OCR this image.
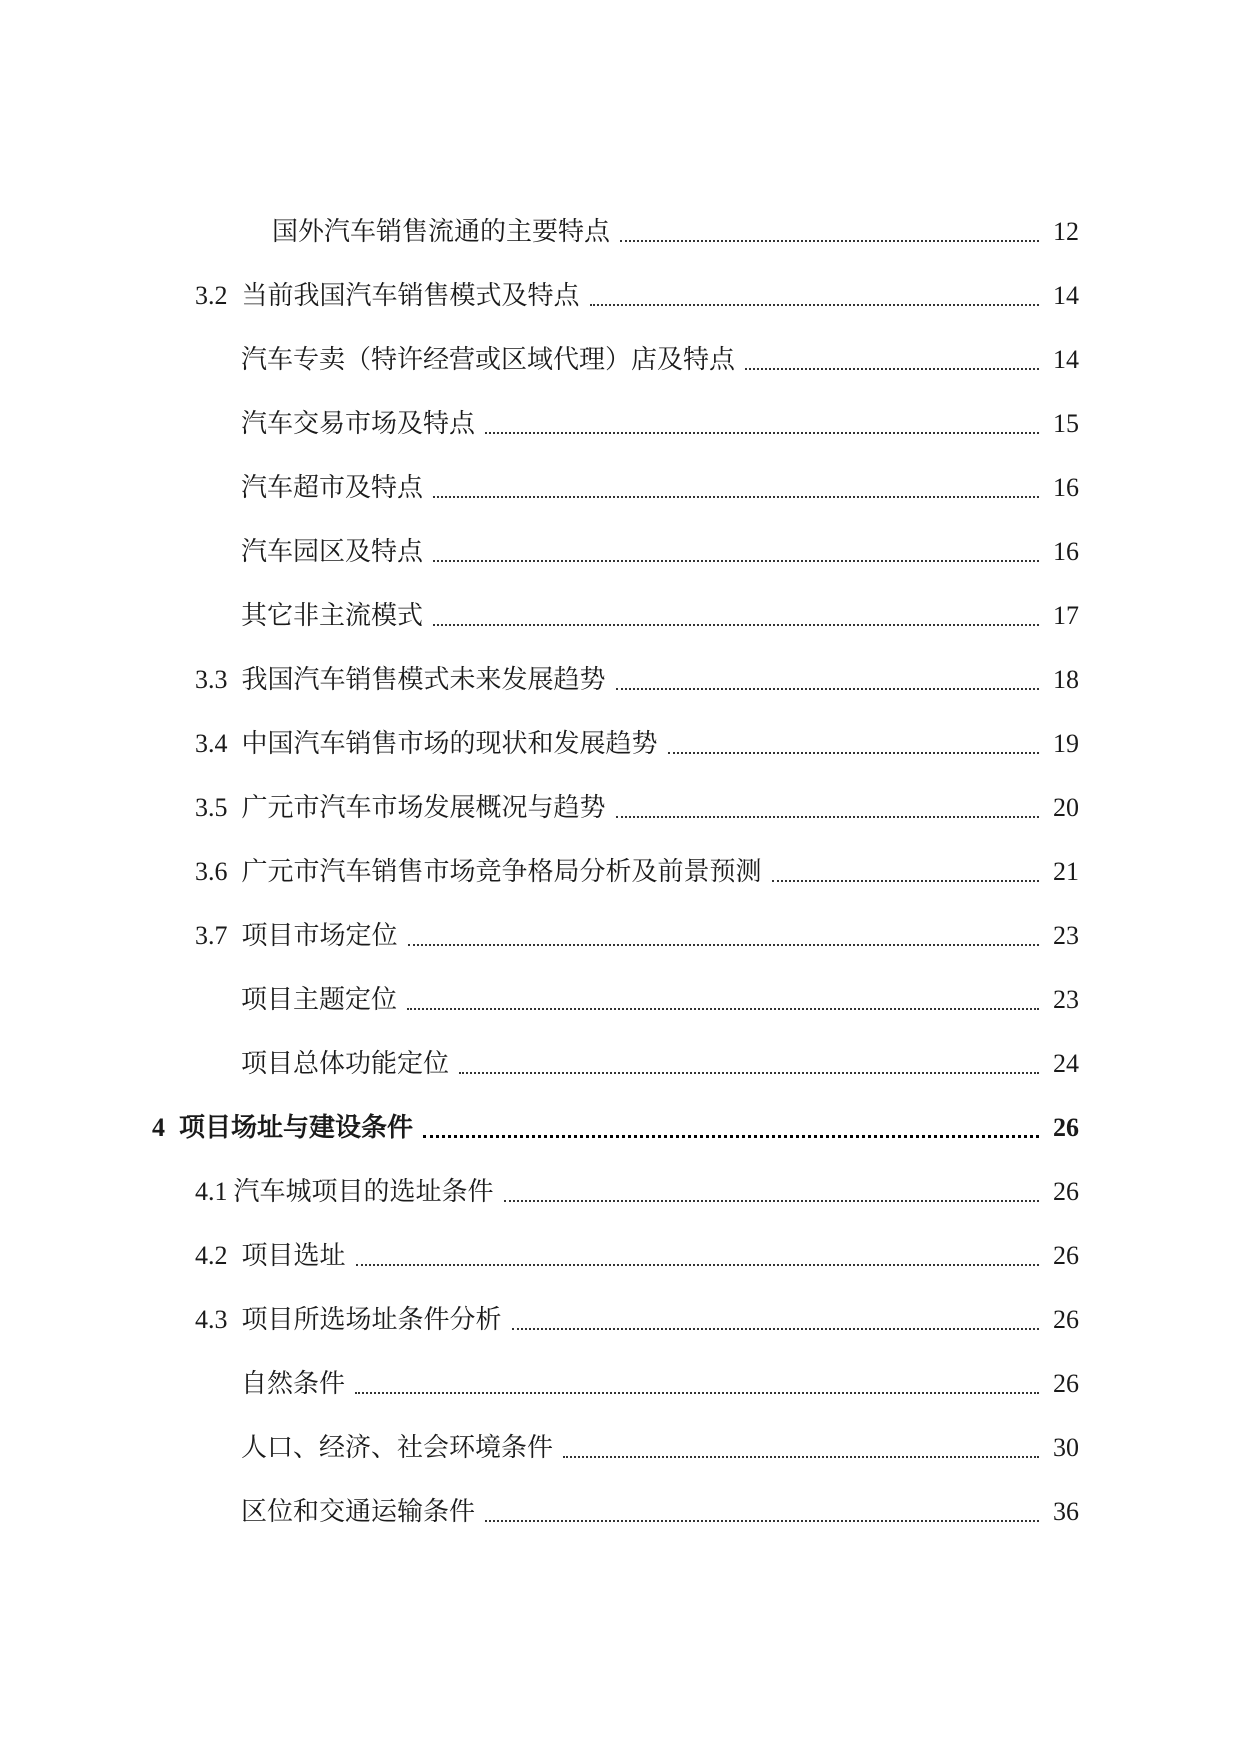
国外汽车销售流通的主要特点	12
3.2 当前我国汽车销售模式及特点	14
汽车专卖（特许经营或区域代理）店及特点	14
汽车交易市场及特点	15
汽车超市及特点	16
汽车园区及特点	16
其它非主流模式	17
3.3 我国汽车销售模式未来发展趋势	18
3.4 中国汽车销售市场的现状和发展趋势	19
3.5 广元市汽车市场发展概况与趋势	20
3.6 广元市汽车销售市场竞争格局分析及前景预测	21
3.7 项目市场定位	23
项目主题定位	23
项目总体功能定位	24
4 项目场址与建设条件	26
4.1 汽车城项目的选址条件	26
4.2 项目选址	26
4.3 项目所选场址条件分析	26
自然条件	26
人口、经济、社会环境条件	30
区位和交通运输条件	36
